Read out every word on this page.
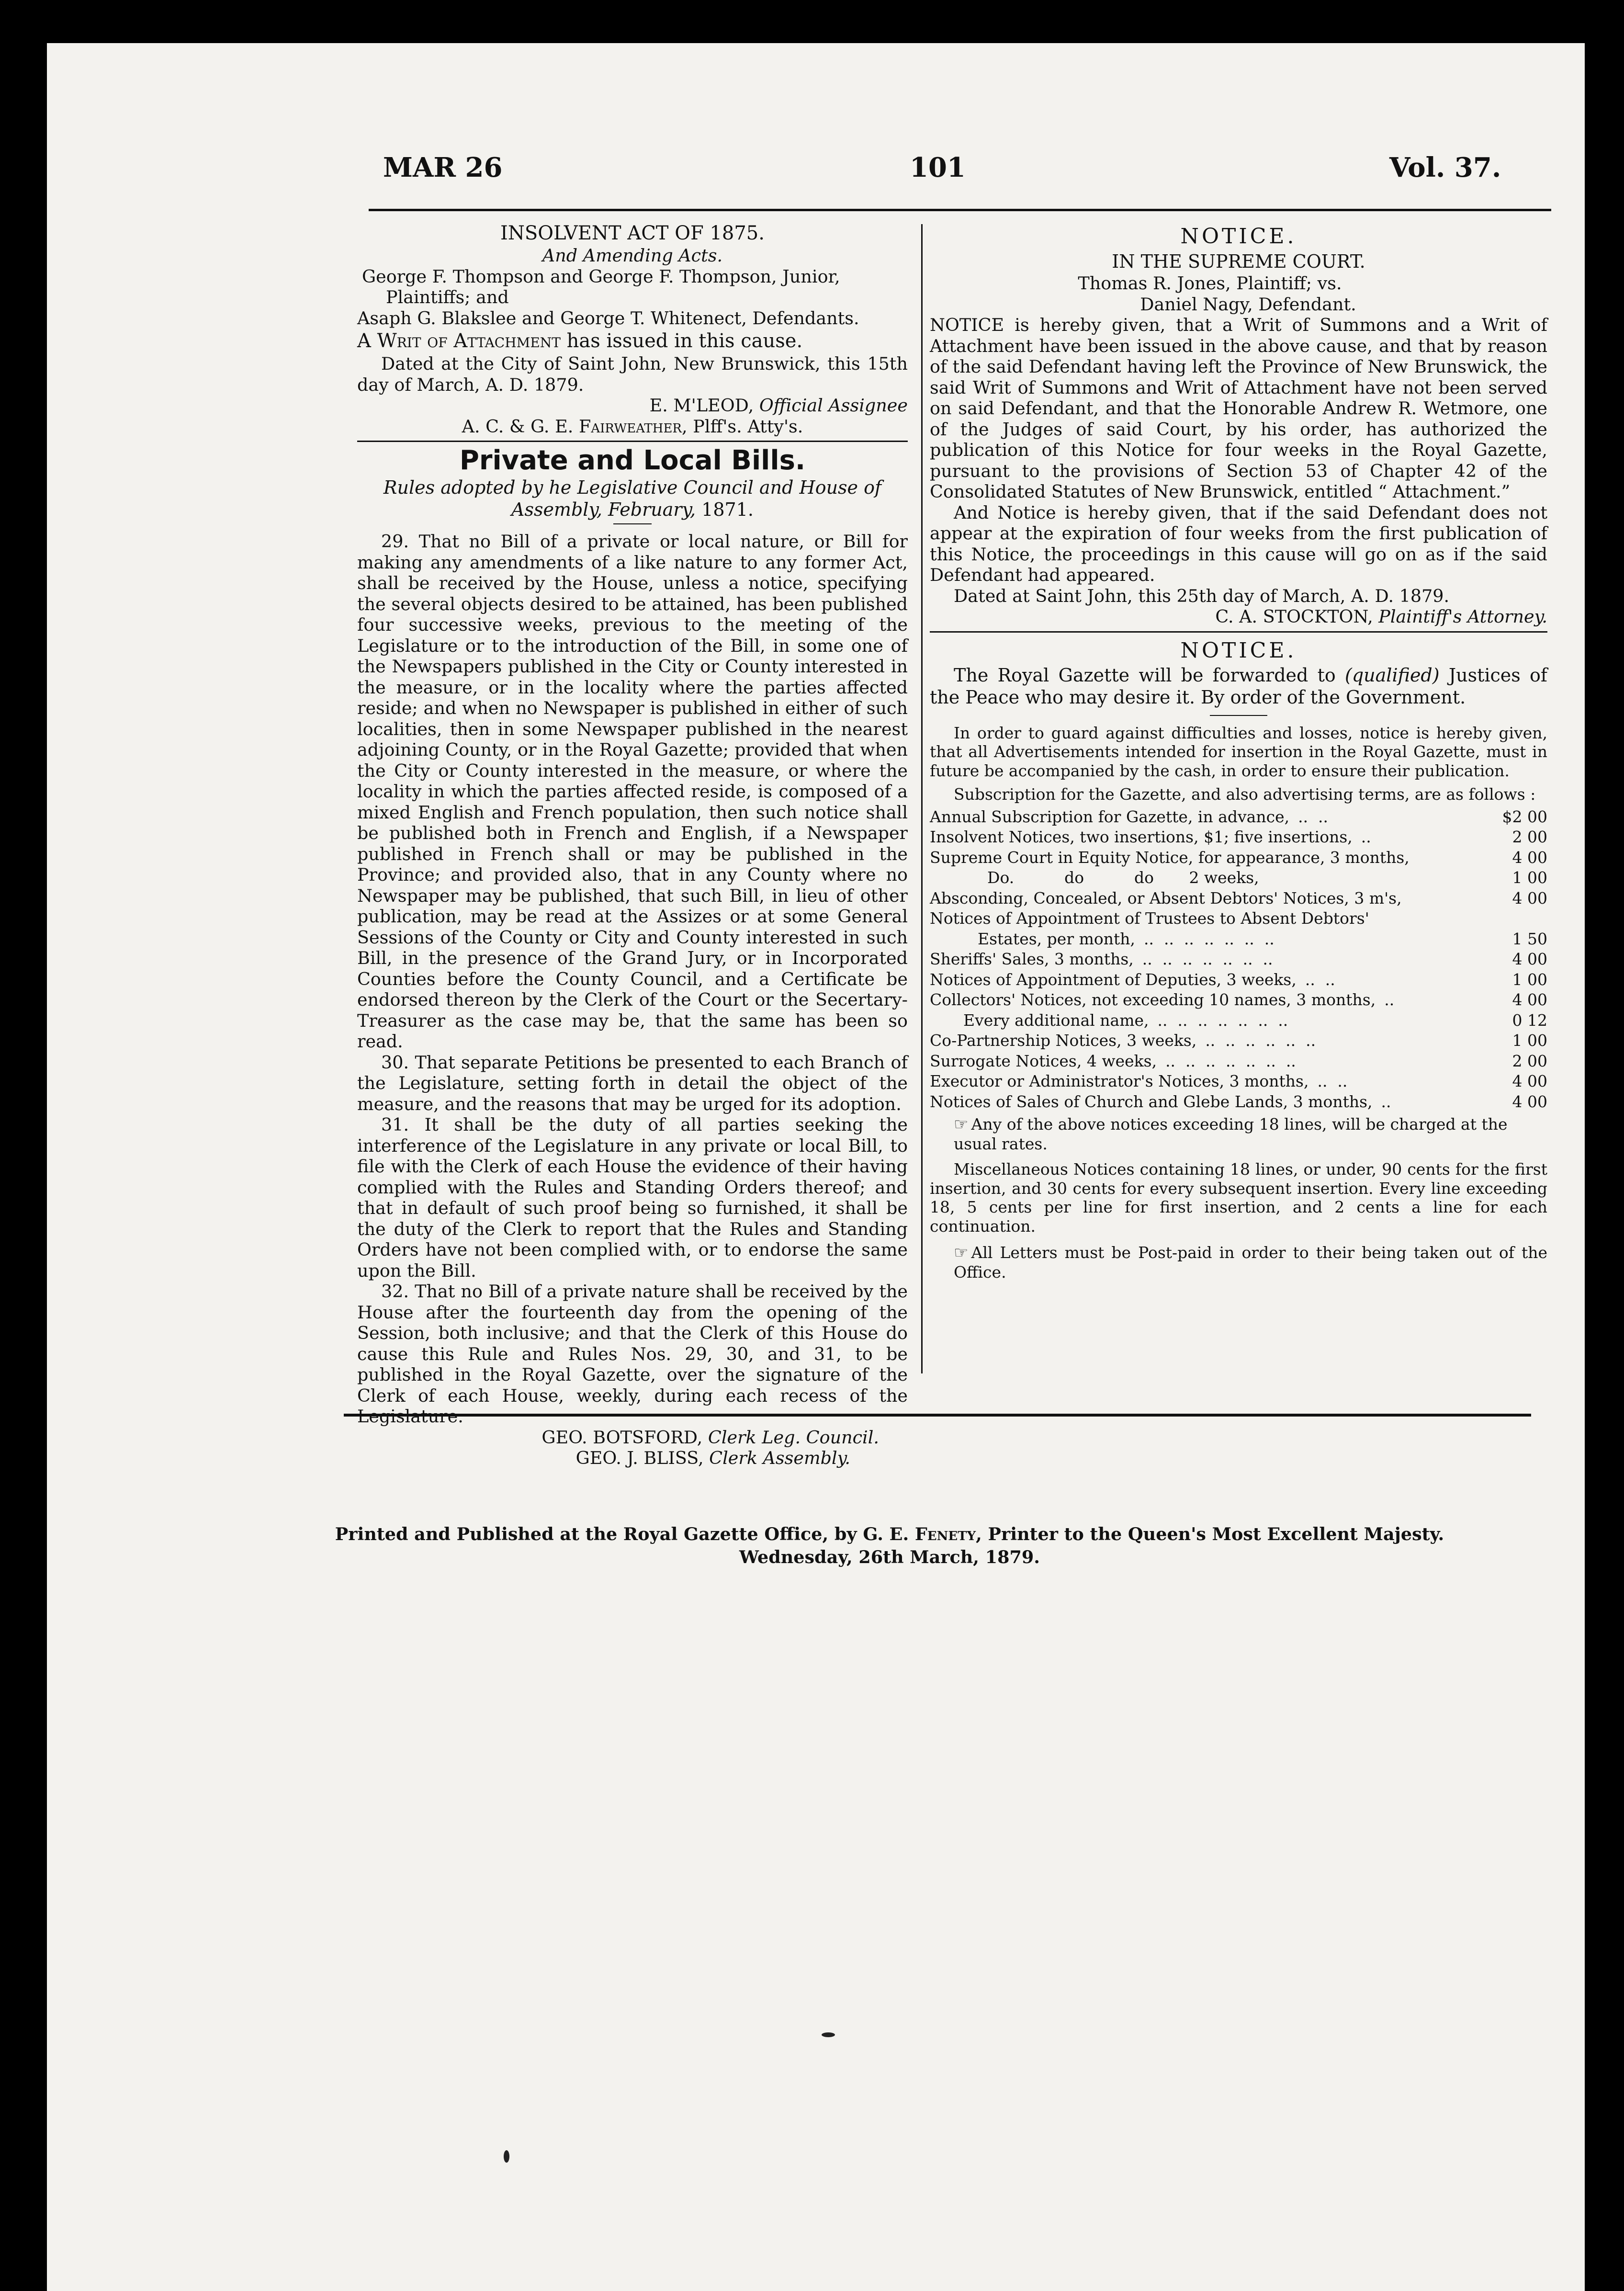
MAR 26	101	Vol. 37.

INSOLVENT ACT OF 1875.

And Amending Acts.

George F. Thompson and George F. Thompson, Junior, Plaintiffs; and

Asaph G. Blakslee and George T. Whitenect, Defendants.

A Writ of Attachment has issued in this cause.

Dated at the City of Saint John, New Brunswick, this 15th day of March, A. D. 1879.

E. M'LEOD, Official Assignee

A. C. & G. E. Fairweather, Plff's. Atty's.

Private and Local Bills.

Rules adopted by he Legislative Council and House of Assembly, February, 1871.

29. That no Bill of a private or local nature, or Bill for making any amendments of a like nature to any former Act, shall be received by the House, unless a notice, specifying the several objects desired to be attained, has been published four successive weeks, previous to the meeting of the Legislature or to the introduction of the Bill, in some one of the Newspapers published in the City or County interested in the measure, or in the locality where the parties affected reside; and when no Newspaper is published in either of such localities, then in some Newspaper published in the nearest adjoining County, or in the Royal Gazette; provided that when the City or County interested in the measure, or where the locality in which the parties affected reside, is composed of a mixed English and French population, then such notice shall be published both in French and English, if a Newspaper published in French shall or may be published in the Province; and provided also, that in any County where no Newspaper may be published, that such Bill, in lieu of other publication, may be read at the Assizes or at some General Sessions of the County or City and County interested in such Bill, in the presence of the Grand Jury, or in Incorporated Counties before the County Council, and a Certificate be endorsed thereon by the Clerk of the Court or the Secertary-Treasurer as the case may be, that the same has been so read.

30. That separate Petitions be presented to each Branch of the Legislature, setting forth in detail the object of the measure, and the reasons that may be urged for its adoption.

31. It shall be the duty of all parties seeking the interference of the Legislature in any private or local Bill, to file with the Clerk of each House the evidence of their having complied with the Rules and Standing Orders thereof; and that in default of such proof being so furnished, it shall be the duty of the Clerk to report that the Rules and Standing Orders have not been complied with, or to endorse the same upon the Bill.

32. That no Bill of a private nature shall be received by the House after the fourteenth day from the opening of the Session, both inclusive; and that the Clerk of this House do cause this Rule and Rules Nos. 29, 30, and 31, to be published in the Royal Gazette, over the signature of the Clerk of each House, weekly, during each recess of the

GEO. BOTSFORD, Clerk Leg. Council.

GEO. J. BLISS, Clerk Assembly.

NOTICE.

IN THE SUPREME COURT.

Thomas R. Jones, Plaintiff; vs.

Daniel Nagy, Defendant.

NOTICE is hereby given, that a Writ of Summons and a Writ of Attachment have been issued in the above cause, and that by reason of the said Defendant having left the Province of New Brunswick, the said Writ of Summons and Writ of Attachment have not been served on said Defendant, and that the Honorable Andrew R. Wetmore, one of the Judges of said Court, by his order, has authorized the publication of this Notice for four weeks in the Royal Gazette, pursuant to the provisions of Section 53 of Chapter 42 of the Consolidated Statutes of New Brunswick, entitled “ Attachment.”

And Notice is hereby given, that if the said Defendant does not appear at the expiration of four weeks from the first publication of this Notice, the proceedings in this cause will go on as if the said Defendant had appeared.

Dated at Saint John, this 25th day of March, A. D. 1879.

C. A. STOCKTON, Plaintiff's Attorney.

NOTICE.

The Royal Gazette will be forwarded to (qualified) Justices of the Peace who may desire it. By order of the Government.

In order to guard against difficulties and losses, notice is hereby given, that all Advertisements intended for insertion in the Royal Gazette, must in future be accompanied by the cash, in order to ensure their publication.

Subscription for the Gazette, and also advertising terms, are as follows :

Annual Subscription for Gazette, in advance, ..  ..	$2 00
Insolvent Notices, two insertions, $1; five insertions, ..	2 00
Supreme Court in Equity Notice, for appearance, 3 months,	4 00
Do.          do          do       2 weeks,	1 00
Absconding, Concealed, or Absent Debtors' Notices, 3 m's,	4 00
Notices of Appointment of Trustees to Absent Debtors'	
Estates, per month, ..  ..  ..  ..  ..  ..  ..	1 50
Sheriffs' Sales, 3 months, ..  ..  ..  ..  ..  ..  ..	4 00
Notices of Appointment of Deputies, 3 weeks, ..  ..	1 00
Collectors' Notices, not exceeding 10 names, 3 months, ..	4 00
Every additional name, ..  ..  ..  ..  ..  ..  ..	0 12
Co-Partnership Notices, 3 weeks, ..  ..  ..  ..  ..  ..	1 00
Surrogate Notices, 4 weeks, ..  ..  ..  ..  ..  ..  ..	2 00
Executor or Administrator's Notices, 3 months, ..  ..	4 00
Notices of Sales of Church and Glebe Lands, 3 months, ..	4 00

☞ Any of the above notices exceeding 18 lines, will be charged at the usual rates.

Miscellaneous Notices containing 18 lines, or under, 90 cents for the first insertion, and 30 cents for every subsequent insertion. Every line exceeding 18, 5 cents per line for first insertion, and 2 cents a line for each continuation.

☞ All Letters must be Post-paid in order to their being taken out of the Office.

Printed and Published at the Royal Gazette Office, by G. E. Fenety, Printer to the Queen's Most Excellent Majesty.

Wednesday, 26th March, 1879.
